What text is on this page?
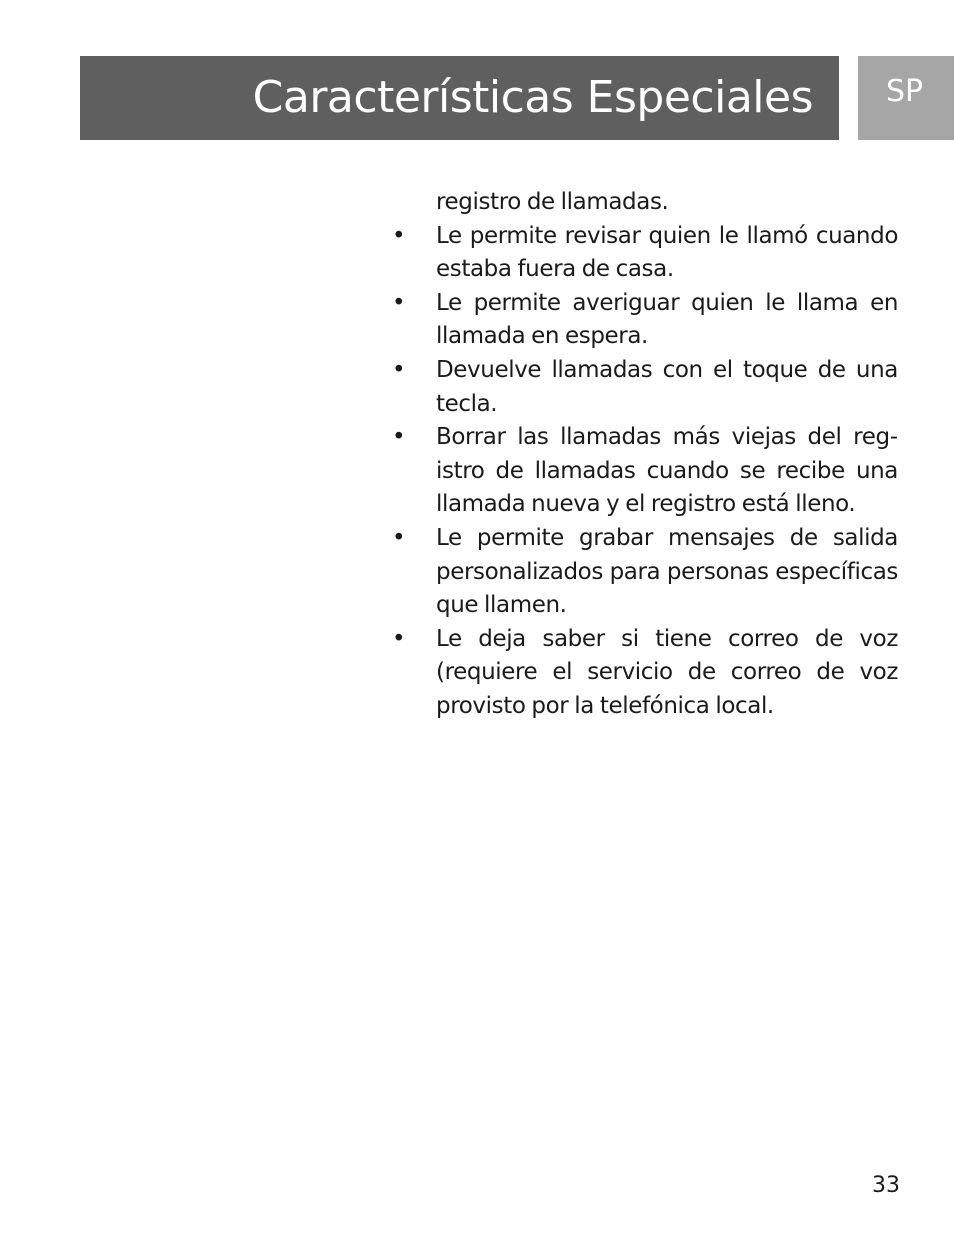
Características Especiales SP

registro de llamadas.

• Le permite revisar quien le llamó cuando estaba fuera de casa.
• Le permite averiguar quien le llama en llamada en espera.
• Devuelve llamadas con el toque de una tecla.
• Borrar las llamadas más viejas del registro de llamadas cuando se recibe una llamada nueva y el registro está lleno.
• Le permite grabar mensajes de salida personalizados para personas específicas que llamen.
• Le deja saber si tiene correo de voz (requiere el servicio de correo de voz provisto por la telefónica local.
33
